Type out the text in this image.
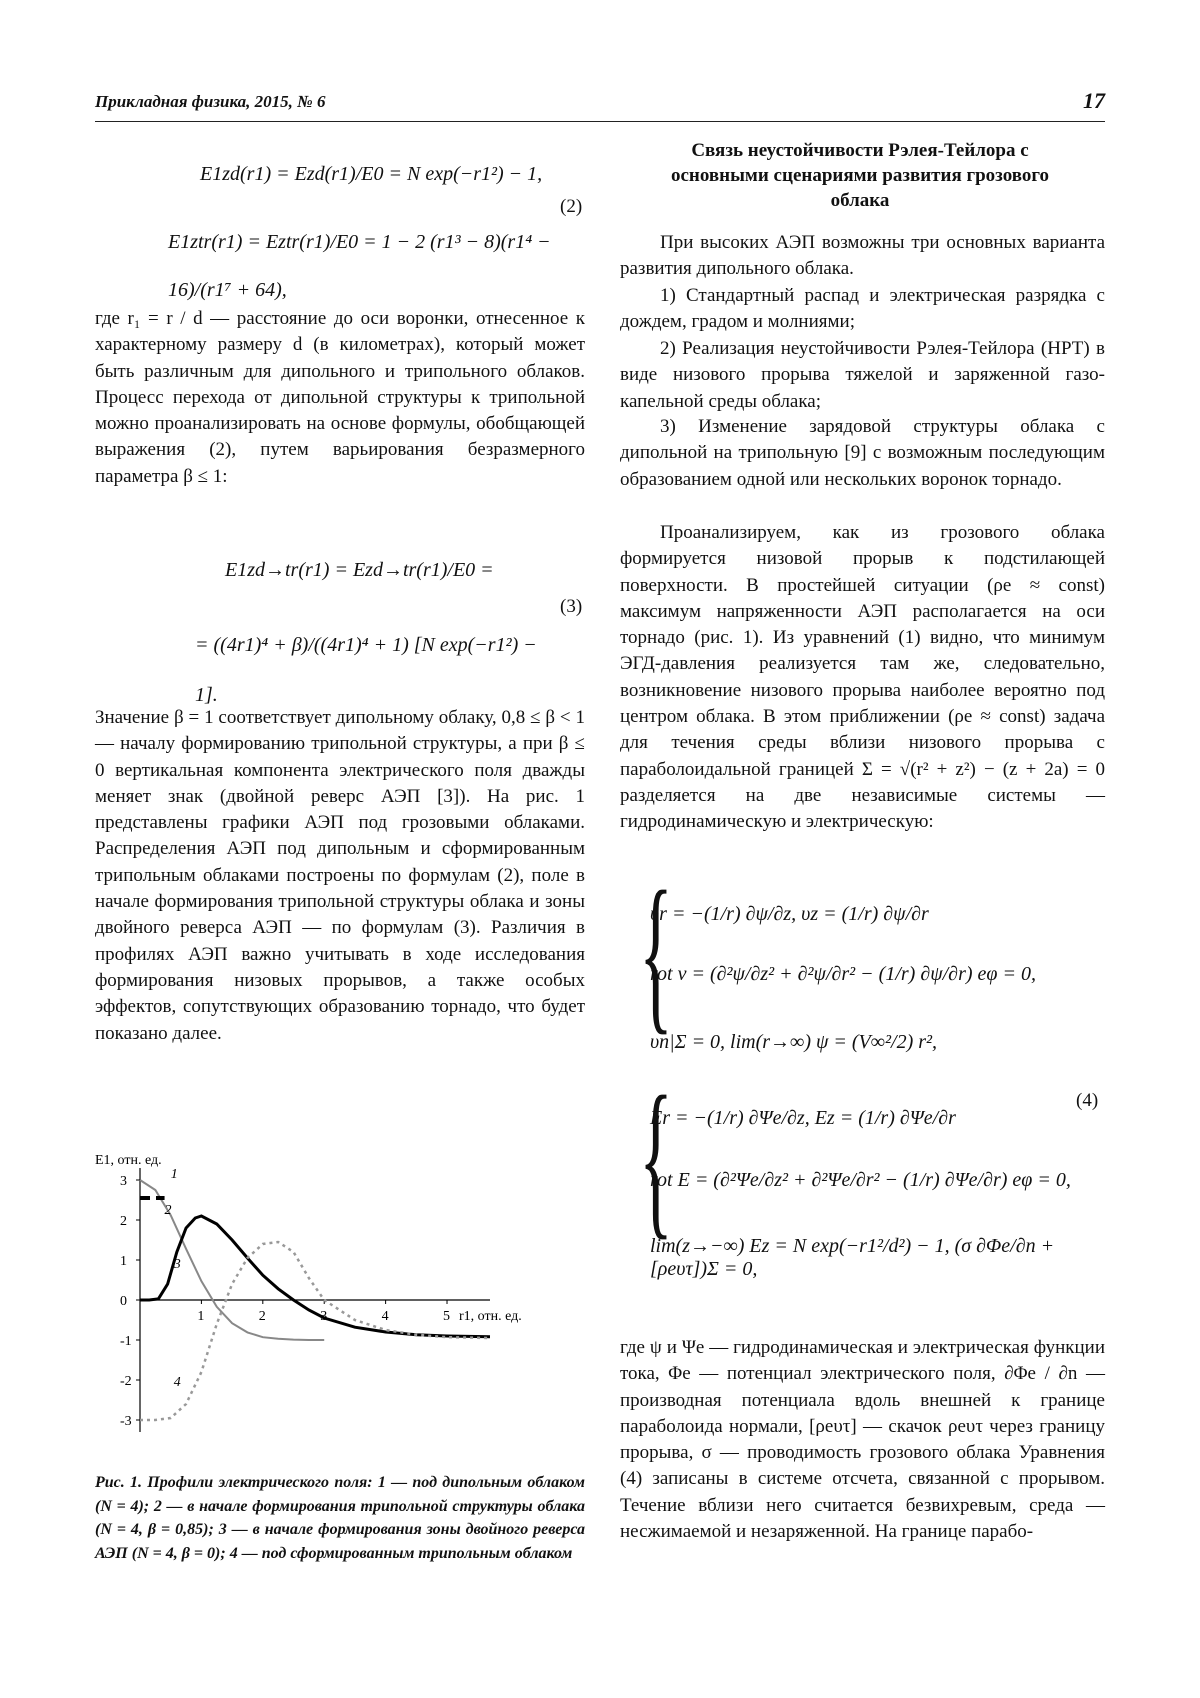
Прикладная физика, 2015, № 6	17
E1zd(r1) = Ezd(r1)/E0 = N exp(−r1²) − 1,
E1ztr(r1) = Eztr(r1)/E0 = 1 − 2 (r1³ − 8)(r1⁴ − 16)/(r1⁷ + 64),
(2)

где r₁ = r / d — расстояние до оси воронки, отнесенное к характерному размеру d (в километрах), который может быть различным для дипольного и трипольного облаков. Процесс перехода от дипольной структуры к трипольной можно проанализировать на основе формулы, обобщающей выражения (2), путем варьирования безразмерного параметра β ≤ 1:

E1zd→tr(r1) = Ezd→tr(r1)/E0 =
= ((4r1)⁴ + β)/((4r1)⁴ + 1) [N exp(−r1²) − 1].
(3)

Значение β = 1 соответствует дипольному облаку, 0,8 ≤ β < 1 — началу формированию трипольной структуры, а при β ≤ 0 вертикальная компонента электрического поля дважды меняет знак (двойной реверс АЭП [3]). На рис. 1 представлены графики АЭП под грозовыми облаками. Распределения АЭП под дипольным и сформированным трипольным облаками построены по формулам (2), поле в начале формирования трипольной структуры облака и зоны двойного реверса АЭП — по формулам (3). Различия в профилях АЭП важно учитывать в ходе исследования формирования низовых прорывов, а также особых эффектов, сопутствующих образованию торнадо, что будет показано далее.

E1, отн. ед.
3
2
1
0
-1
-2
-3
1	2	3	4	5 r1, отн. ед.
1
2
3
4

Рис. 1. Профили электрического поля: 1 — под дипольным облаком (N = 4); 2 — в начале формирования трипольной структуры облака (N = 4, β = 0,85); 3 — в начале формирования зоны двойного реверса АЭП (N = 4, β = 0); 4 — под сформированным трипольным облаком

Связь неустойчивости Рэлея-Тейлора с основными сценариями развития грозового облака

При высоких АЭП возможны три основных варианта развития дипольного облака.

1) Стандартный распад и электрическая разрядка с дождем, градом и молниями;

2) Реализация неустойчивости Рэлея-Тейлора (НРТ) в виде низового прорыва тяжелой и заряженной газо-капельной среды облака;

3) Изменение зарядовой структуры облака с дипольной на трипольную [9] с возможным последующим образованием одной или нескольких воронок торнадо.

Проанализируем, как из грозового облака формируется низовой прорыв к подстилающей поверхности. В простейшей ситуации (ρe ≈ const) максимум напряженности АЭП располагается на оси торнадо (рис. 1). Из уравнений (1) видно, что минимум ЭГД-давления реализуется там же, следовательно, возникновение низового прорыва наиболее вероятно под центром облака. В этом приближении (ρe ≈ const) задача для течения среды вблизи низового прорыва с параболоидальной границей Σ = √(r² + z²) − (z + 2a) = 0 разделяется на две независимые системы — гидродинамическую и электрическую:

{
{
υr = −(1/r) ∂ψ/∂z, υz = (1/r) ∂ψ/∂r
rot v = (∂²ψ/∂z² + ∂²ψ/∂r² − (1/r) ∂ψ/∂r) eφ = 0,
υn|Σ = 0, lim(r→∞) ψ = (V∞²/2) r²,
Er = −(1/r) ∂Ψe/∂z, Ez = (1/r) ∂Ψe/∂r
rot E = (∂²Ψe/∂z² + ∂²Ψe/∂r² − (1/r) ∂Ψe/∂r) eφ = 0,
lim(z→−∞) Ez = N exp(−r1²/d²) − 1, (σ ∂Φe/∂n + [ρeυτ])Σ = 0,
(4)

где ψ и Ψe — гидродинамическая и электрическая функции тока, Φe — потенциал электрического поля, ∂Φe / ∂n — производная потенциала вдоль внешней к границе параболоида нормали, [ρeυτ] — скачок ρeυτ через границу прорыва, σ — проводимость грозового облака Уравнения (4) записаны в системе отсчета, связанной с прорывом. Течение вблизи него считается безвихревым, среда — несжимаемой и незаряженной. На границе парабо-
